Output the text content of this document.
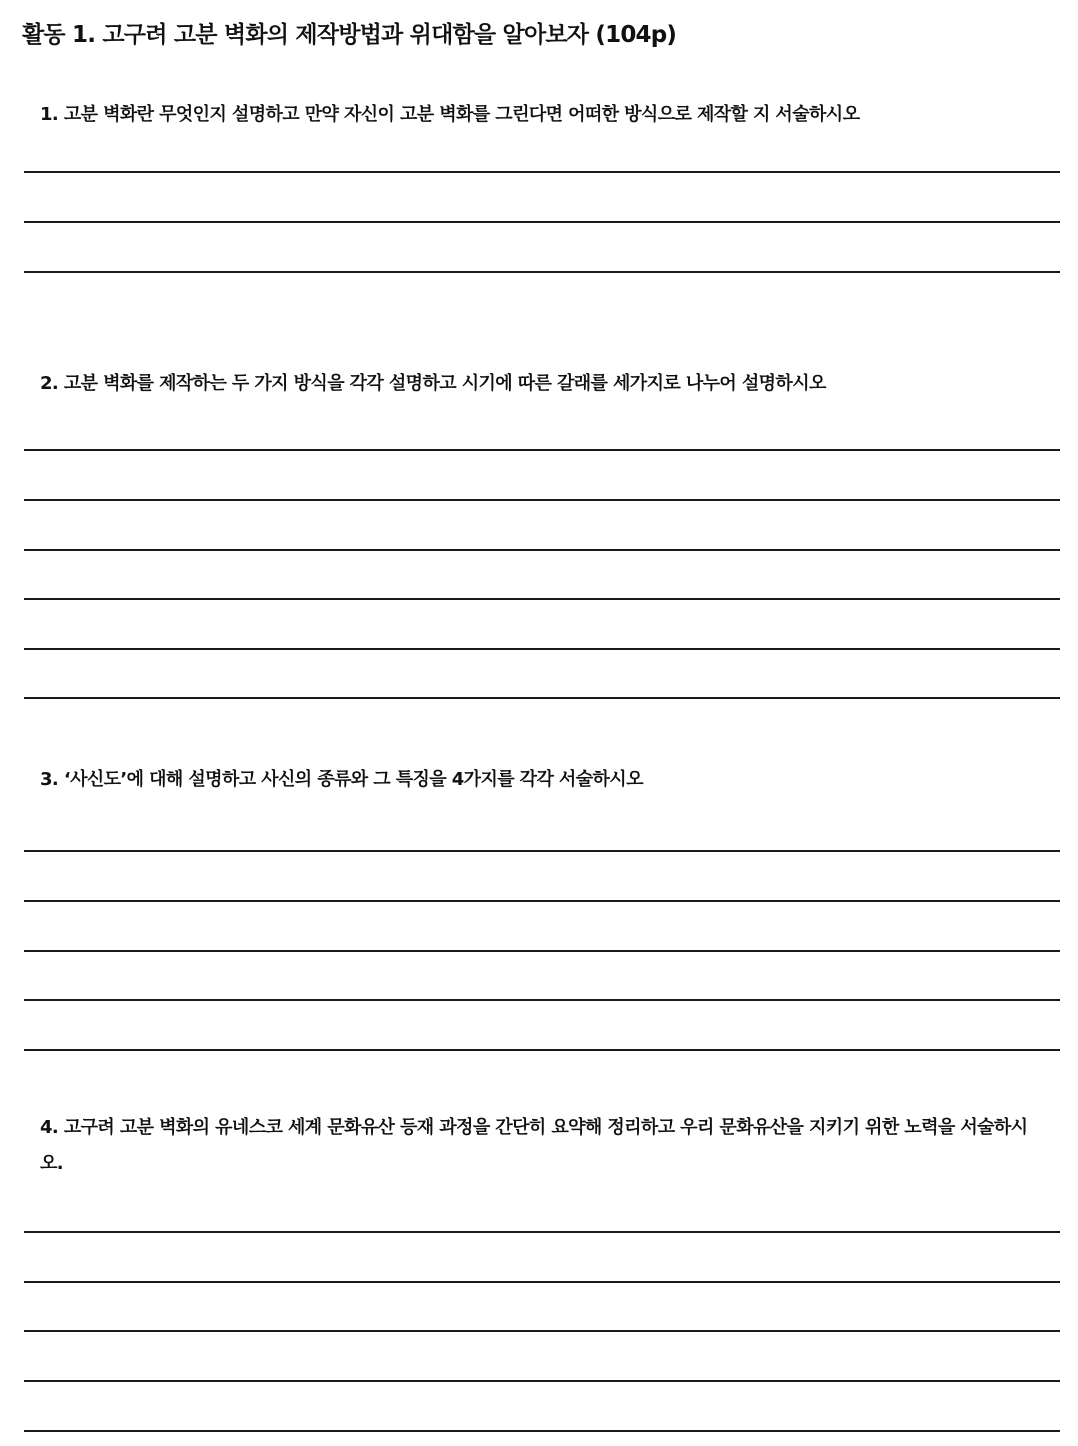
활동 1. 고구려 고분 벽화의 제작방법과 위대함을 알아보자 (104p)

1. 고분 벽화란 무엇인지 설명하고 만약 자신이 고분 벽화를 그린다면 어떠한 방식으로 제작할 지 서술하시오

2. 고분 벽화를 제작하는 두 가지 방식을 각각 설명하고 시기에 따른 갈래를 세가지로 나누어 설명하시오

3. ‘사신도’에 대해 설명하고 사신의 종류와 그 특징을 4가지를 각각 서술하시오

4. 고구려 고분 벽화의 유네스코 세계 문화유산 등재 과정을 간단히 요약해 정리하고 우리 문화유산을 지키기 위한 노력을 서술하시오.
